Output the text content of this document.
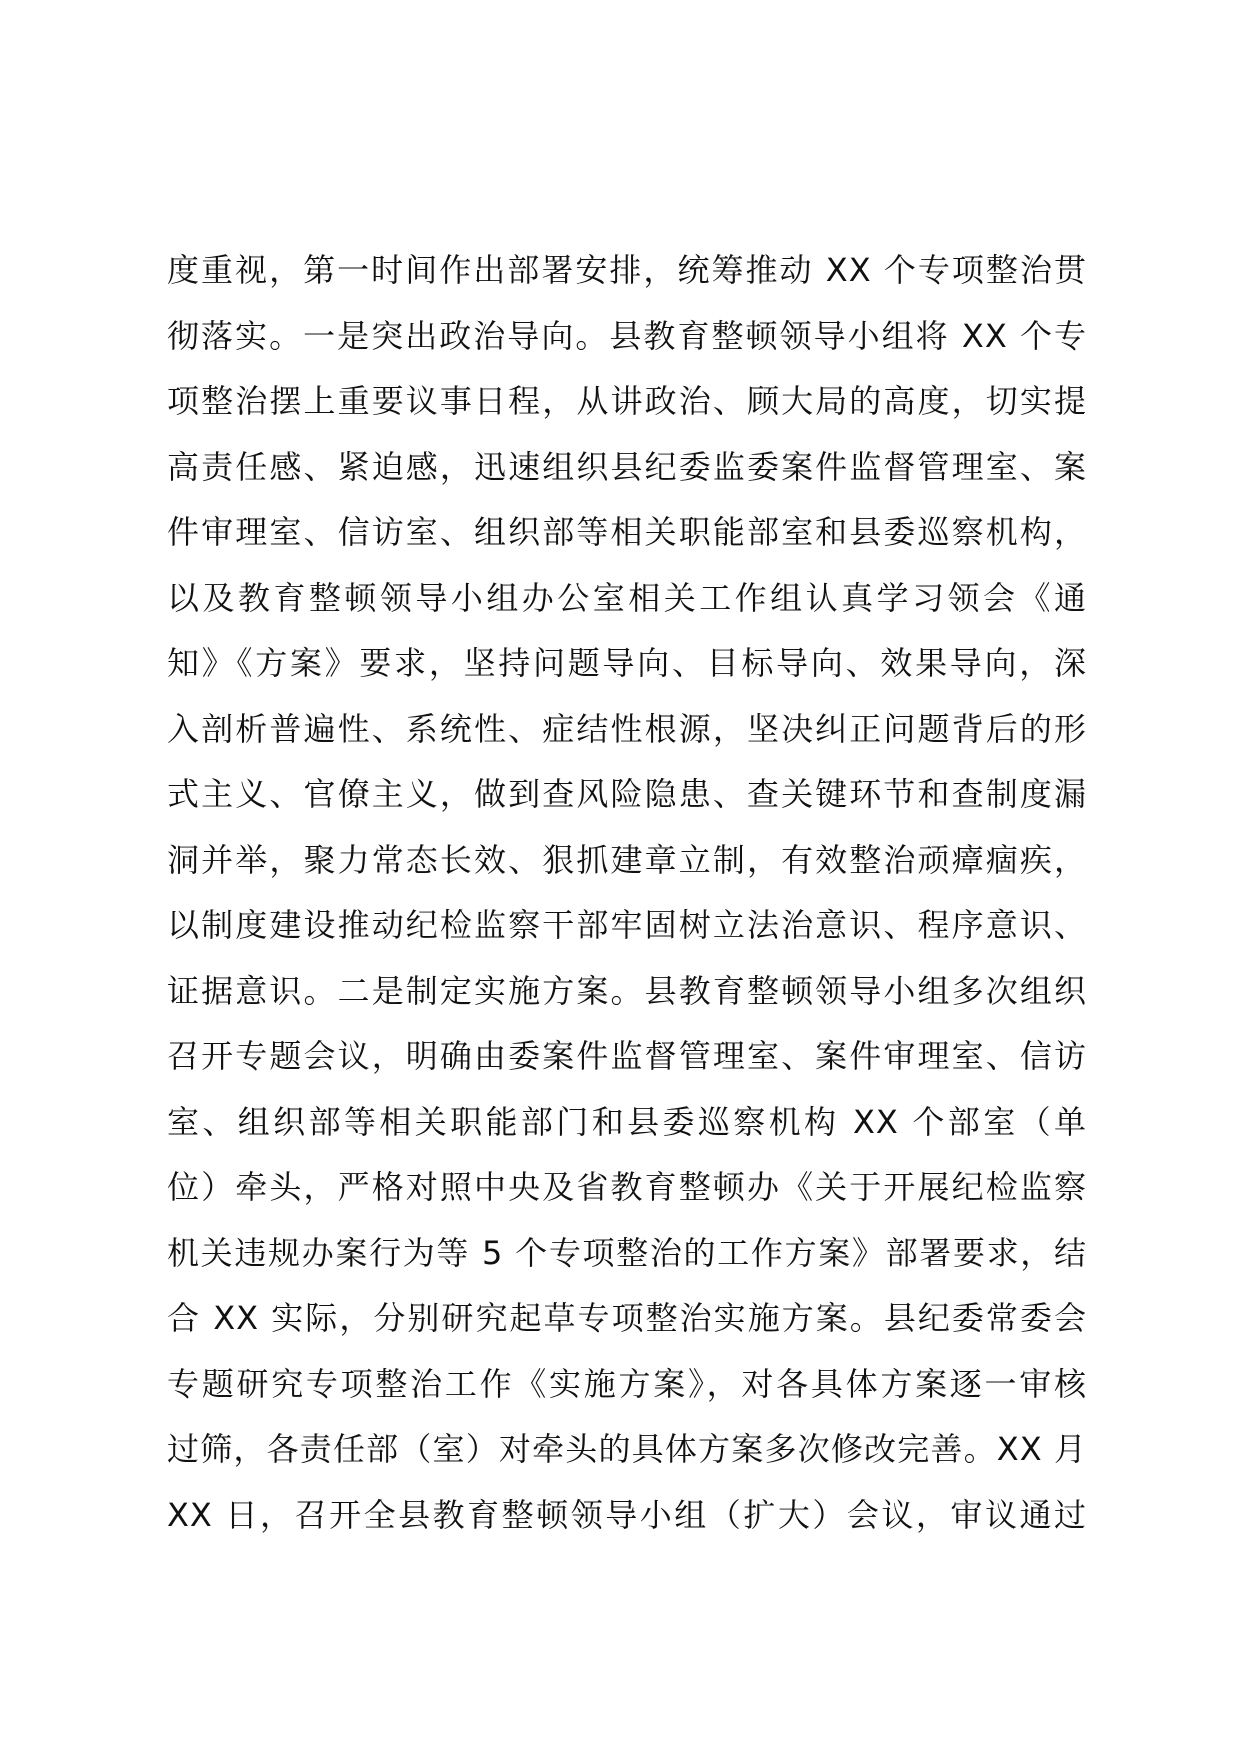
度重视，第一时间作出部署安排，统筹推动 XX 个专项整治贯
彻落实。一是突出政治导向。县教育整顿领导小组将 XX 个专
项整治摆上重要议事日程，从讲政治、顾大局的高度，切实提
高责任感、紧迫感，迅速组织县纪委监委案件监督管理室、案
件审理室、信访室、组织部等相关职能部室和县委巡察机构，
以及教育整顿领导小组办公室相关工作组认真学习领会《通
知》《方案》要求，坚持问题导向、目标导向、效果导向，深
入剖析普遍性、系统性、症结性根源，坚决纠正问题背后的形
式主义、官僚主义，做到查风险隐患、查关键环节和查制度漏
洞并举，聚力常态长效、狠抓建章立制，有效整治顽瘴痼疾，
以制度建设推动纪检监察干部牢固树立法治意识、程序意识、
证据意识。二是制定实施方案。县教育整顿领导小组多次组织
召开专题会议，明确由委案件监督管理室、案件审理室、信访
室、组织部等相关职能部门和县委巡察机构 XX 个部室（单
位）牵头，严格对照中央及省教育整顿办《关于开展纪检监察
机关违规办案行为等 5 个专项整治的工作方案》部署要求，结
合 XX 实际，分别研究起草专项整治实施方案。县纪委常委会
专题研究专项整治工作《实施方案》，对各具体方案逐一审核
过筛，各责任部（室）对牵头的具体方案多次修改完善。XX 月
XX 日，召开全县教育整顿领导小组（扩大）会议，审议通过
